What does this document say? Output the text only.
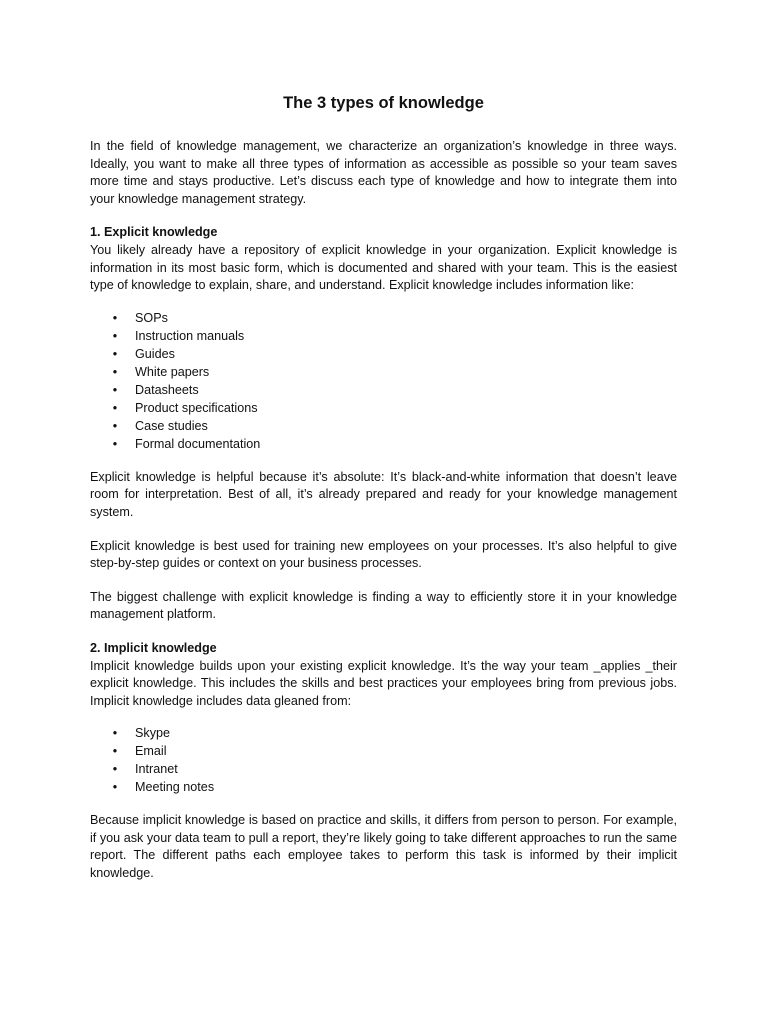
The 3 types of knowledge

In the field of knowledge management, we characterize an organization’s knowledge in three ways. Ideally, you want to make all three types of information as accessible as possible so your team saves more time and stays productive. Let’s discuss each type of knowledge and how to integrate them into your knowledge management strategy.

1. Explicit knowledge

You likely already have a repository of explicit knowledge in your organization. Explicit knowledge is information in its most basic form, which is documented and shared with your team. This is the easiest type of knowledge to explain, share, and understand. Explicit knowledge includes information like:

• SOPs
• Instruction manuals
• Guides
• White papers
• Datasheets
• Product specifications
• Case studies
• Formal documentation

Explicit knowledge is helpful because it’s absolute: It’s black-and-white information that doesn’t leave room for interpretation. Best of all, it’s already prepared and ready for your knowledge management system.

Explicit knowledge is best used for training new employees on your processes. It’s also helpful to give step-by-step guides or context on your business processes.

The biggest challenge with explicit knowledge is finding a way to efficiently store it in your knowledge management platform.

2. Implicit knowledge

Implicit knowledge builds upon your existing explicit knowledge. It’s the way your team _applies _their explicit knowledge. This includes the skills and best practices your employees bring from previous jobs. Implicit knowledge includes data gleaned from:

• Skype
• Email
• Intranet
• Meeting notes

Because implicit knowledge is based on practice and skills, it differs from person to person. For example, if you ask your data team to pull a report, they’re likely going to take different approaches to run the same report. The different paths each employee takes to perform this task is informed by their implicit knowledge.
